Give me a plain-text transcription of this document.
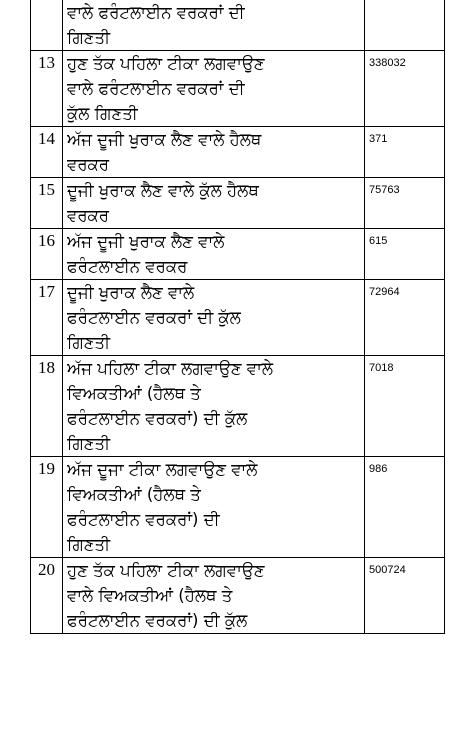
	ਵਾਲੇ ਫਰੰਟਲਾਈਨ ਵਰਕਰਾਂ ਦੀ
ਗਿਣਤੀ	

13	ਹੁਣ ਤੱਕ ਪਹਿਲਾ ਟੀਕਾ ਲਗਵਾਉਣ
ਵਾਲੇ ਫਰੰਟਲਾਈਨ ਵਰਕਰਾਂ ਦੀ
ਕੁੱਲ ਗਿਣਤੀ	338032
14	ਅੱਜ ਦੂਜੀ ਖੁਰਾਕ ਲੈਣ ਵਾਲੇ ਹੈਲਥ
ਵਰਕਰ	371
15	ਦੂਜੀ ਖੁਰਾਕ ਲੈਣ ਵਾਲੇ ਕੁੱਲ ਹੈਲਥ
ਵਰਕਰ	75763
16	ਅੱਜ ਦੂਜੀ ਖੁਰਾਕ ਲੈਣ ਵਾਲੇ
ਫਰੰਟਲਾਈਨ ਵਰਕਰ	615
17	ਦੂਜੀ ਖੁਰਾਕ ਲੈਣ ਵਾਲੇ
ਫਰੰਟਲਾਈਨ ਵਰਕਰਾਂ ਦੀ ਕੁੱਲ
ਗਿਣਤੀ	72964
18	ਅੱਜ ਪਹਿਲਾ ਟੀਕਾ ਲਗਵਾਉਣ ਵਾਲੇ
ਵਿਅਕਤੀਆਂ (ਹੈਲਥ ਤੇ
ਫਰੰਟਲਾਈਨ ਵਰਕਰਾਂ) ਦੀ ਕੁੱਲ
ਗਿਣਤੀ	7018
19	ਅੱਜ ਦੂਜਾ ਟੀਕਾ ਲਗਵਾਉਣ ਵਾਲੇ
ਵਿਅਕਤੀਆਂ (ਹੈਲਥ ਤੇ
ਫਰੰਟਲਾਈਨ ਵਰਕਰਾਂ) ਦੀ
ਗਿਣਤੀ	986
20	ਹੁਣ ਤੱਕ ਪਹਿਲਾ ਟੀਕਾ ਲਗਵਾਉਣ
ਵਾਲੇ ਵਿਅਕਤੀਆਂ (ਹੈਲਥ ਤੇ
ਫਰੰਟਲਾਈਨ ਵਰਕਰਾਂ) ਦੀ ਕੁੱਲ	500724
